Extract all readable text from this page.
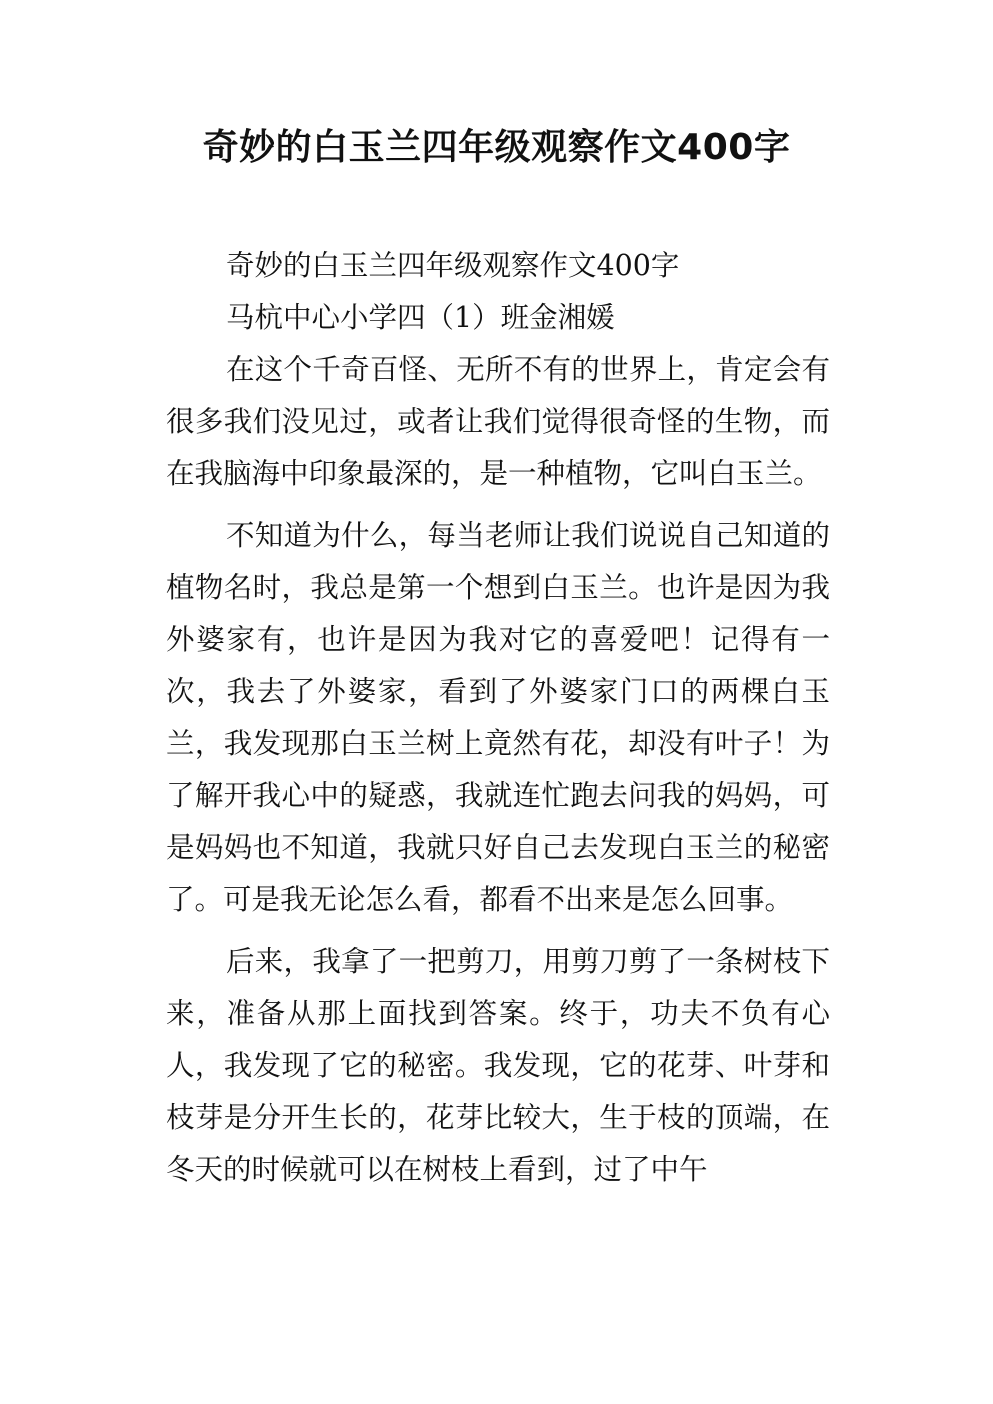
奇妙的白玉兰四年级观察作文400字

奇妙的白玉兰四年级观察作文400字

马杭中心小学四（1）班金湘媛

在这个千奇百怪、无所不有的世界上，肯定会有很多我们没见过，或者让我们觉得很奇怪的生物，而在我脑海中印象最深的，是一种植物，它叫白玉兰。

不知道为什么，每当老师让我们说说自己知道的植物名时，我总是第一个想到白玉兰。也许是因为我外婆家有，也许是因为我对它的喜爱吧！记得有一次，我去了外婆家，看到了外婆家门口的两棵白玉兰，我发现那白玉兰树上竟然有花，却没有叶子！为了解开我心中的疑惑，我就连忙跑去问我的妈妈，可是妈妈也不知道，我就只好自己去发现白玉兰的秘密了。可是我无论怎么看，都看不出来是怎么回事。

后来，我拿了一把剪刀，用剪刀剪了一条树枝下来，准备从那上面找到答案。终于，功夫不负有心人，我发现了它的秘密。我发现，它的花芽、叶芽和枝芽是分开生长的，花芽比较大，生于枝的顶端，在冬天的时候就可以在树枝上看到，过了中午
